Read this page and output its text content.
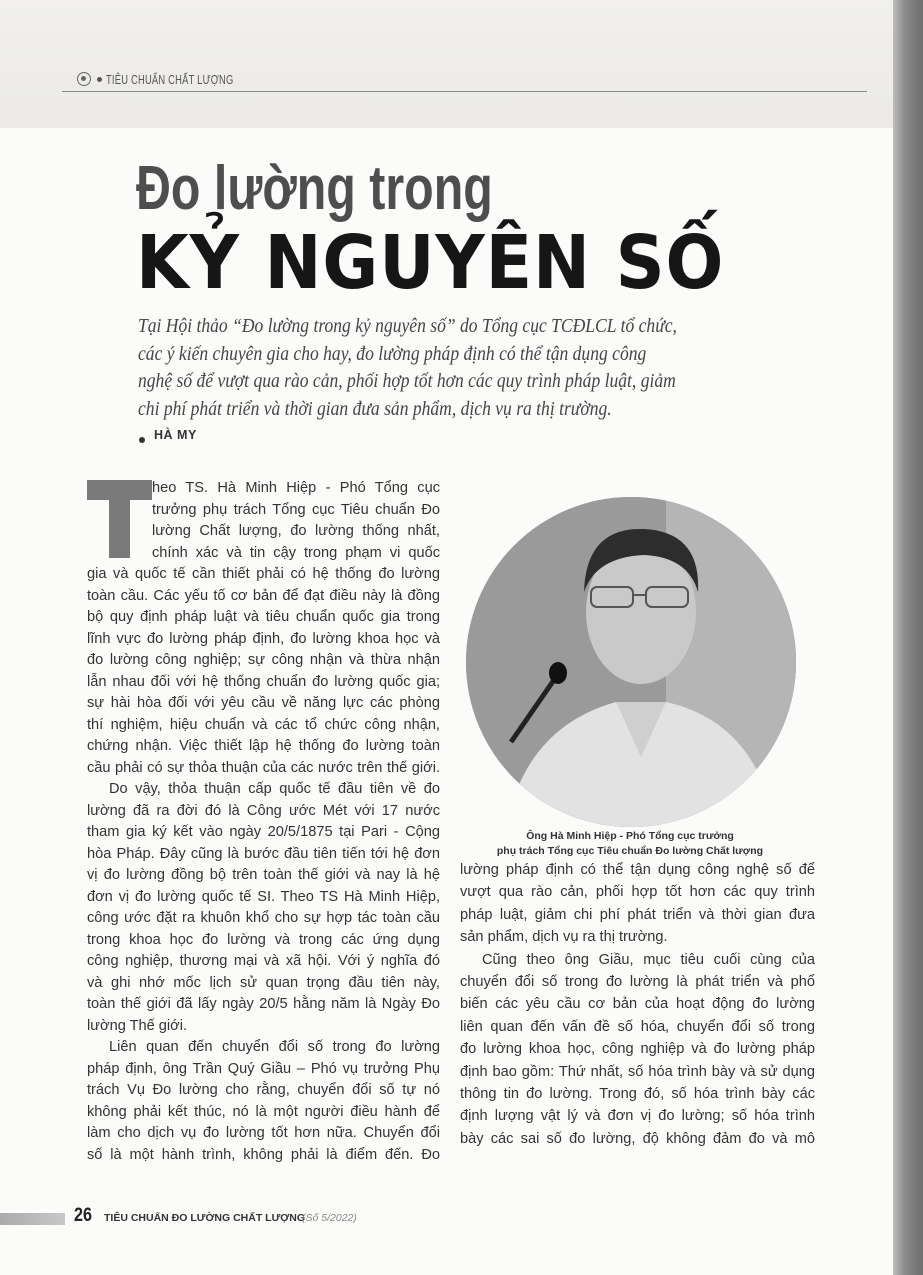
TIÊU CHUẨN CHẤT LƯỢNG
Đo lường trong
KỶ NGUYÊN SỐ
Tại Hội thảo “Đo lường trong kỷ nguyên số” do Tổng cục TCĐLCL tổ chức,
các ý kiến chuyên gia cho hay, đo lường pháp định có thể tận dụng công
nghệ số để vượt qua rào cản, phối hợp tốt hơn các quy trình pháp luật, giảm
chi phí phát triển và thời gian đưa sản phẩm, dịch vụ ra thị trường.
HÀ MY
heo TS. Hà Minh Hiệp - Phó Tổng cục
trưởng phụ trách Tổng cục Tiêu chuẩn Đo
lường Chất lượng, đo lường thống nhất,
chính xác và tin cậy trong phạm vi quốc
gia và quốc tế cần thiết phải có hệ thống đo lường
toàn cầu. Các yếu tố cơ bản để đạt điều này là đồng
bộ quy định pháp luật và tiêu chuẩn quốc gia trong
lĩnh vực đo lường pháp định, đo lường khoa học và
đo lường công nghiệp; sự công nhận và thừa nhận
lẫn nhau đối với hệ thống chuẩn đo lường quốc gia;
sự hài hòa đối với yêu cầu về năng lực các phòng
thí nghiệm, hiệu chuẩn và các tổ chức công nhận,
chứng nhận. Việc thiết lập hệ thống đo lường toàn
cầu phải có sự thỏa thuận của các nước trên thế giới.
Do vậy, thỏa thuận cấp quốc tế đầu tiên về đo
lường đã ra đời đó là Công ước Mét với 17 nước
tham gia ký kết vào ngày 20/5/1875 tại Pari - Cộng
hòa Pháp. Đây cũng là bước đầu tiên tiến tới hệ đơn
vị đo lường đồng bộ trên toàn thế giới và nay là hệ
đơn vị đo lường quốc tế SI. Theo TS Hà Minh Hiệp,
công ước đặt ra khuôn khổ cho sự hợp tác toàn cầu
trong khoa học đo lường và trong các ứng dụng
công nghiệp, thương mại và xã hội. Với ý nghĩa đó
và ghi nhớ mốc lịch sử quan trọng đầu tiên này,
toàn thế giới đã lấy ngày 20/5 hằng năm là Ngày Đo
lường Thế giới.
Liên quan đến chuyển đổi số trong đo lường
pháp định, ông Trần Quý Giầu – Phó vụ trưởng Phụ
trách Vụ Đo lường cho rằng, chuyển đổi số tự nó
không phải kết thúc, nó là một người điều hành để
làm cho dịch vụ đo lường tốt hơn nữa. Chuyển đổi
số là một hành trình, không phải là điểm đến. Đo
Ông Hà Minh Hiệp - Phó Tổng cục trưởng
phụ trách Tổng cục Tiêu chuẩn Đo lường Chất lượng
lường pháp định có thể tận dụng công nghệ số để
vượt qua rào cản, phối hợp tốt hơn các quy trình
pháp luật, giảm chi phí phát triển và thời gian đưa
sản phẩm, dịch vụ ra thị trường.
Cũng theo ông Giầu, mục tiêu cuối cùng của
chuyển đổi số trong đo lường là phát triển và phổ
biến các yêu cầu cơ bản của hoạt động đo lường
liên quan đến vấn đề số hóa, chuyển đổi số trong
đo lường khoa học, công nghiệp và đo lường pháp
định bao gồm: Thứ nhất, số hóa trình bày và sử dụng
thông tin đo lường. Trong đó, số hóa trình bày các
định lượng vật lý và đơn vị đo lường; số hóa trình
bày các sai số đo lường, độ không đảm đo và mô
26 TIÊU CHUẨN ĐO LƯỜNG CHẤT LƯỢNG
(Số 5/2022)
